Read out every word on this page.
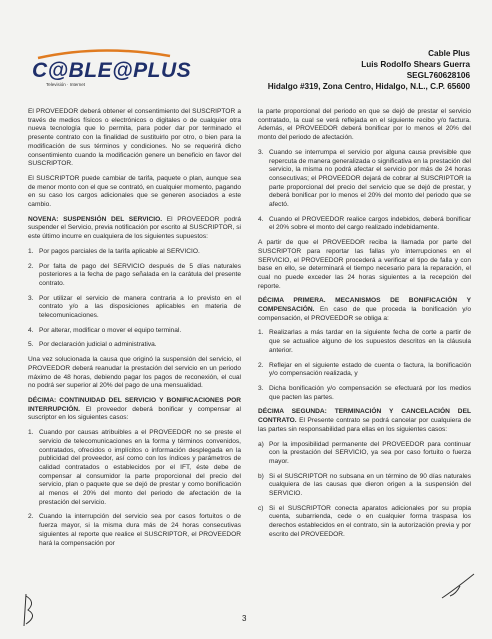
C@BLE@PLUS
Televisión · Internet
Cable Plus
Luis Rodolfo Shears Guerra
SEGL760628106
Hidalgo #319, Zona Centro, Hidalgo, N.L., C.P. 65600

El PROVEEDOR deberá obtener el consentimiento del SUSCRIPTOR a través de medios físicos o electrónicos o digitales o de cualquier otra nueva tecnología que lo permita, para poder dar por terminado el presente contrato con la finalidad de sustituirlo por otro, o bien para la modificación de sus términos y condiciones. No se requerirá dicho consentimiento cuando la modificación genere un beneficio en favor del SUSCRIPTOR.

El SUSCRIPTOR puede cambiar de tarifa, paquete o plan, aunque sea de menor monto con el que se contrató, en cualquier momento, pagando en su caso los cargos adicionales que se generen asociados a este cambio.

NOVENA: SUSPENSIÓN DEL SERVICIO. El PROVEEDOR podrá suspender el Servicio, previa notificación por escrito al SUSCRIPTOR, si este último incurre en cualquiera de los siguientes supuestos:

1. Por pagos parciales de la tarifa aplicable al SERVICIO.
2. Por falta de pago del SERVICIO después de 5 días naturales posteriores a la fecha de pago señalada en la carátula del presente contrato.
3. Por utilizar el servicio de manera contraria a lo previsto en el contrato y/o a las disposiciones aplicables en materia de telecomunicaciones.
4. Por alterar, modificar o mover el equipo terminal.
5. Por declaración judicial o administrativa.

Una vez solucionada la causa que originó la suspensión del servicio, el PROVEEDOR deberá reanudar la prestación del servicio en un periodo máximo de 48 horas, debiendo pagar los pagos de reconexión, el cual no podrá ser superior al 20% del pago de una mensualidad.

DÉCIMA: CONTINUIDAD DEL SERVICIO Y BONIFICACIONES POR INTERRUPCIÓN. El proveedor deberá bonificar y compensar al suscriptor en los siguientes casos:

1. Cuando por causas atribuibles a el PROVEEDOR no se preste el servicio de telecomunicaciones en la forma y términos convenidos, contratados, ofrecidos o implícitos o información desplegada en la publicidad del proveedor, así como con los índices y parámetros de calidad contratados o establecidos por el IFT, éste debe de compensar al consumidor la parte proporcional del precio del servicio, plan o paquete que se dejó de prestar y como bonificación al menos el 20% del monto del periodo de afectación de la prestación del servicio.
2. Cuando la interrupción del servicio sea por casos fortuitos o de fuerza mayor, si la misma dura más de 24 horas consecutivas siguientes al reporte que realice el SUSCRIPTOR, el PROVEEDOR hará la compensación por

la parte proporcional del periodo en que se dejó de prestar el servicio contratado, la cual se verá reflejada en el siguiente recibo y/o factura. Además, el PROVEEDOR deberá bonificar por lo menos el 20% del monto del periodo de afectación.

3. Cuando se interrumpa el servicio por alguna causa previsible que repercuta de manera generalizada o significativa en la prestación del servicio, la misma no podrá afectar el servicio por más de 24 horas consecutivas; el PROVEEDOR dejará de cobrar al SUSCRIPTOR la parte proporcional del precio del servicio que se dejó de prestar, y deberá bonificar por lo menos el 20% del monto del periodo que se afectó.
4. Cuando el PROVEEDOR realice cargos indebidos, deberá bonificar el 20% sobre el monto del cargo realizado indebidamente.

A partir de que el PROVEEDOR reciba la llamada por parte del SUSCRIPTOR para reportar las fallas y/o interrupciones en el SERVICIO, el PROVEEDOR procederá a verificar el tipo de falla y con base en ello, se determinará el tiempo necesario para la reparación, el cual no puede exceder las 24 horas siguientes a la recepción del reporte.

DÉCIMA PRIMERA. MECANISMOS DE BONIFICACIÓN Y COMPENSACIÓN. En caso de que proceda la bonificación y/o compensación, el PROVEEDOR se obliga a:

1. Realizarlas a más tardar en la siguiente fecha de corte a partir de que se actualice alguno de los supuestos descritos en la cláusula anterior.
2. Reflejar en el siguiente estado de cuenta o factura, la bonificación y/o compensación realizada, y
3. Dicha bonificación y/o compensación se efectuará por los medios que pacten las partes.

DÉCIMA SEGUNDA: TERMINACIÓN Y CANCELACIÓN DEL CONTRATO. El Presente contrato se podrá cancelar por cualquiera de las partes sin responsabilidad para ellas en los siguientes casos:

a) Por la imposibilidad permanente del PROVEEDOR para continuar con la prestación del SERVICIO, ya sea por caso fortuito o fuerza mayor.
b) Si el SUSCRIPTOR no subsana en un término de 90 días naturales cualquiera de las causas que dieron origen a la suspensión del SERVICIO.
c) Si el SUSCRIPTOR conecta aparatos adicionales por su propia cuenta, subarrienda, cede o en cualquier forma traspasa los derechos establecidos en el contrato, sin la autorización previa y por escrito del PROVEEDOR.
3
